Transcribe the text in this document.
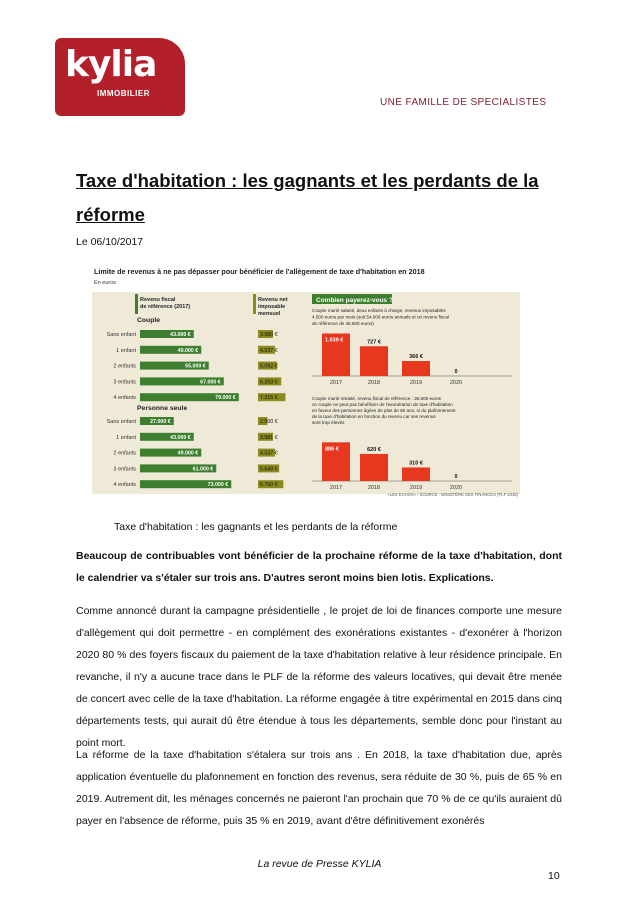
kylia
IMMOBILIER
UNE FAMILLE DE SPECIALISTES
Taxe d'habitation : les gagnants et les perdants de la réforme
Le 06/10/2017
Limite de revenus à ne pas dépasser pour bénéficier de l'allègement de taxe d'habitation en 2018
En euros
Revenu fiscal
de référence (2017)
Revenu net
imposable
mensuel
Couple
Sans enfant	43.000 €	3.980 €
1 enfant	49.000 €	4.537 €
2 enfants	55.000 €	5.092 €
3 enfants	67.000 €	6.203 €
4 enfants	79.000 €	7.315 €
Personne seule
Sans enfant	27.000 €	2.500 €
1 enfant	43.000 €	3.981 €
2 enfants	49.000 €	4.537 €
3 enfants	61.000 €	5.648 €
4 enfants	73.000 €	6.760 €
Combien payerez-vous ?
Couple marié salarié, deux enfants à charge, revenus imposables
4.500 euros par mois (soit 54.000 euros annuels et un revenu fiscal
de référence de 48.600 euros)
Couple marié retraité, revenu fiscal de référence : 36.600 euros
ce couple ne peut pas bénéficier de l'exonération de taxe d'habitation
en faveur des personnes âgées de plus de 60 ans, ni du plafonnement
de la taxe d'habitation en fonction du revenu car ses revenus
sont trop élevés
1.039 €
2017
727 €
2018
366 €
2019
0
2020
886 €
2017
620 €
2018
310 €
2019
0
2020
«LES ECHOS» / SOURCE : MINISTÈRE DES FINANCES (PLF 2018)
Taxe d'habitation : les gagnants et les perdants de la réforme

Beaucoup de contribuables vont bénéficier de la prochaine réforme de la taxe d'habitation, dont le calendrier va s'étaler sur trois ans. D'autres seront moins bien lotis. Explications.

Comme annoncé durant la campagne présidentielle , le projet de loi de finances comporte une mesure d'allègement qui doit permettre - en complément des exonérations existantes - d'exonérer à l'horizon 2020 80 % des foyers fiscaux du paiement de la taxe d'habitation relative à leur résidence principale. En revanche, il n'y a aucune trace dans le PLF de la réforme des valeurs locatives, qui devait être menée de concert avec celle de la taxe d'habitation. La réforme engagée à titre expérimental en 2015 dans cinq départements tests, qui aurait dû être étendue à tous les départements, semble donc pour l'instant au point mort.

La réforme de la taxe d'habitation s'étalera sur trois ans . En 2018, la taxe d'habitation due, après application éventuelle du plafonnement en fonction des revenus, sera réduite de 30 %, puis de 65 % en 2019. Autrement dit, les ménages concernés ne paieront l'an prochain que 70 % de ce qu'ils auraient dû payer en l'absence de réforme, puis 35 % en 2019, avant d'être définitivement exonérés

La revue de Presse KYLIA
10
